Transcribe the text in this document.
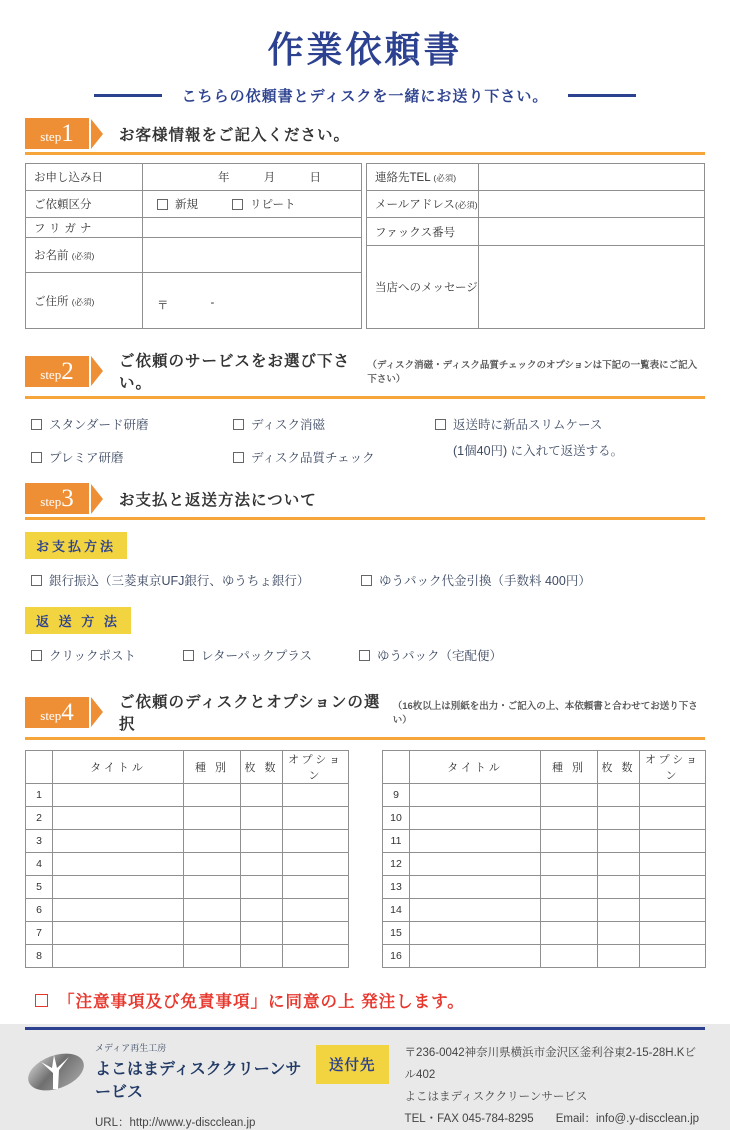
作業依頼書
こちらの依頼書とディスクを一緒にお送り下さい。
step 1	お客様情報をご記入ください。
お申し込み日	年 月 日

ご依頼区分	新規 リピート

フリガナ	
お名前 (必須)	
ご住所 (必須)	〒 -
連絡先TEL (必須)	
メールアドレス(必須)	
ファックス番号	
当店へのメッセージ	
step 2	ご依頼のサービスをお選び下さい。
（ディスク消磁・ディスク品質チェックのオプションは下記の一覧表にご記入下さい）
スタンダード研磨
プレミア研磨
ディスク消磁
ディスク品質チェック
返送時に新品スリムケース
(1個40円) に入れて返送する。
step 3	お支払と返送方法について
お支払方法
銀行振込（三菱東京UFJ銀行、ゆうちょ銀行）	ゆうパック代金引換（手数料 400円）
返 送 方 法
クリックポスト	レターパックプラス	ゆうパック（宅配便）
step 4	ご依頼のディスクとオプションの選択
（16枚以上は別紙を出力・ご記入の上、本依頼書と合わせてお送り下さい）
	タイトル	種 別	枚 数	オプション
1				
2				
3				
4				
5				
6				
7				
8				
	タイトル	種 別	枚 数	オプション
9				
10				
11				
12				
13				
14				
15				
16				
「注意事項及び免責事項」に同意の上 発注します。
メディア再生工房
よこはまディスククリーンサービス
URL：http://www.y-discclean.jp
送付先
〒236-0042神奈川県横浜市金沢区釜利谷東2-15-28H.Kビル402
よこはまディスククリーンサービス
TEL・FAX 045-784-8295 Email：info@.y-discclean.jp
